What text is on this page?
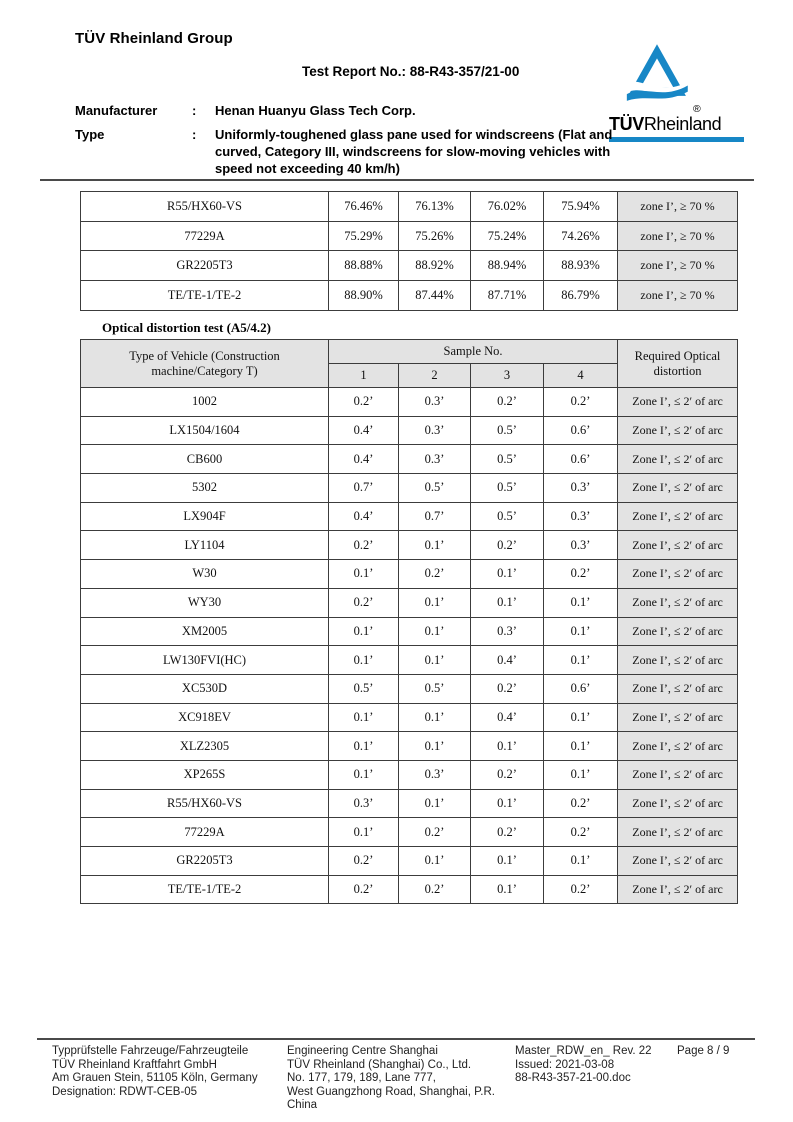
TÜV Rheinland Group
Test Report No.: 88-R43-357/21-00
®
TÜVRheinland
Manufacturer	:	Henan Huanyu Glass Tech Corp.
Type	:	Uniformly-toughened glass pane used for windscreens (Flat and curved, Category III, windscreens for slow-moving vehicles with speed not exceeding 40 km/h)
R55/HX60-VS	76.46%	76.13%	76.02%	75.94%	zone I’, ≥ 70 %
77229A	75.29%	75.26%	75.24%	74.26%	zone I’, ≥ 70 %
GR2205T3	88.88%	88.92%	88.94%	88.93%	zone I’, ≥ 70 %
TE/TE-1/TE-2	88.90%	87.44%	87.71%	86.79%	zone I’, ≥ 70 %
Optical distortion test (A5/4.2)
Type of Vehicle (Construction machine/Category T)	Sample No.				Required Optical distortion
	1	2	3	4	
1002	0.2’	0.3’	0.2’	0.2’	Zone I’, ≤ 2′ of arc
LX1504/1604	0.4’	0.3’	0.5’	0.6’	Zone I’, ≤ 2′ of arc
CB600	0.4’	0.3’	0.5’	0.6’	Zone I’, ≤ 2′ of arc
5302	0.7’	0.5’	0.5’	0.3’	Zone I’, ≤ 2′ of arc
LX904F	0.4’	0.7’	0.5’	0.3’	Zone I’, ≤ 2′ of arc
LY1104	0.2’	0.1’	0.2’	0.3’	Zone I’, ≤ 2′ of arc
W30	0.1’	0.2’	0.1’	0.2’	Zone I’, ≤ 2′ of arc
WY30	0.2’	0.1’	0.1’	0.1’	Zone I’, ≤ 2′ of arc
XM2005	0.1’	0.1’	0.3’	0.1’	Zone I’, ≤ 2′ of arc
LW130FVI(HC)	0.1’	0.1’	0.4’	0.1’	Zone I’, ≤ 2′ of arc
XC530D	0.5’	0.5’	0.2’	0.6’	Zone I’, ≤ 2′ of arc
XC918EV	0.1’	0.1’	0.4’	0.1’	Zone I’, ≤ 2′ of arc
XLZ2305	0.1’	0.1’	0.1’	0.1’	Zone I’, ≤ 2′ of arc
XP265S	0.1’	0.3’	0.2’	0.1’	Zone I’, ≤ 2′ of arc
R55/HX60-VS	0.3’	0.1’	0.1’	0.2’	Zone I’, ≤ 2′ of arc
77229A	0.1’	0.2’	0.2’	0.2’	Zone I’, ≤ 2′ of arc
GR2205T3	0.2’	0.1’	0.1’	0.1’	Zone I’, ≤ 2′ of arc
TE/TE-1/TE-2	0.2’	0.2’	0.1’	0.2’	Zone I’, ≤ 2′ of arc
Typprüfstelle Fahrzeuge/Fahrzeugteile
TÜV Rheinland Kraftfahrt GmbH
Am Grauen Stein, 51105 Köln, Germany
Designation: RDWT-CEB-05
Engineering Centre Shanghai
TÜV Rheinland (Shanghai) Co., Ltd.
No. 177, 179, 189, Lane 777,
West Guangzhong Road, Shanghai, P.R. China
Master_RDW_en_ Rev. 22
Issued: 2021-03-08
88-R43-357-21-00.doc
Page 8 / 9
